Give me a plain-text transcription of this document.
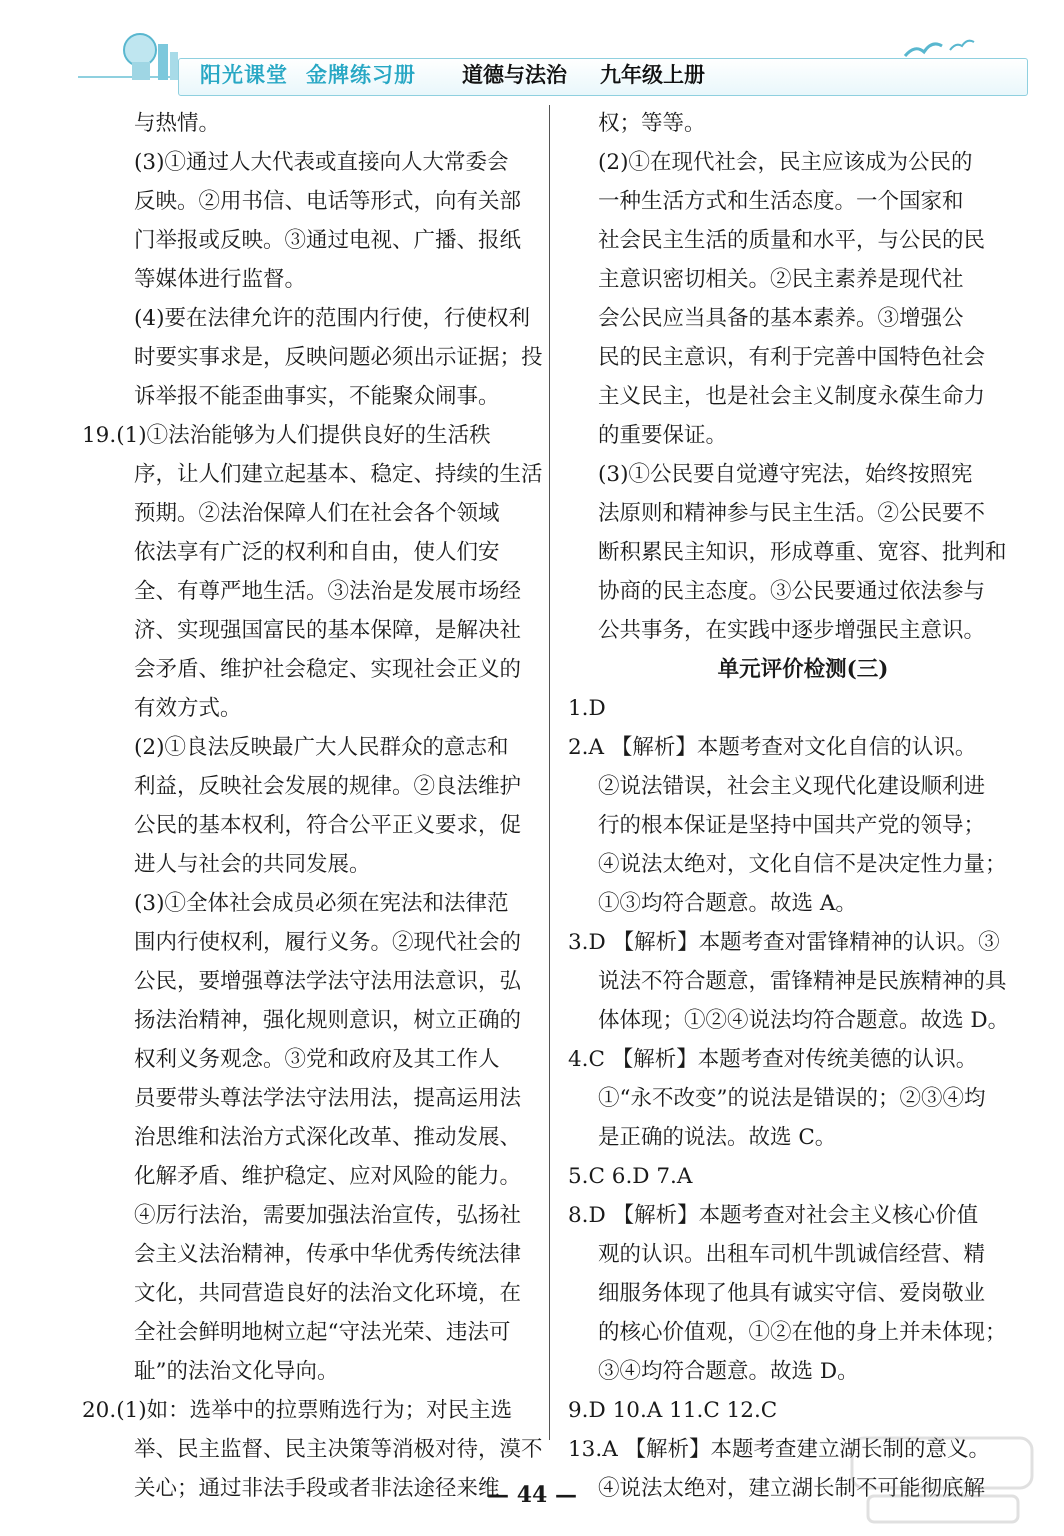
阳光课堂 金牌练习册	道德与法治 九年级上册
与热情。
(3)①通过人大代表或直接向人大常委会
反映。②用书信、电话等形式，向有关部
门举报或反映。③通过电视、广播、报纸
等媒体进行监督。
(4)要在法律允许的范围内行使，行使权利
时要实事求是，反映问题必须出示证据；投
诉举报不能歪曲事实，不能聚众闹事。
19.(1)①法治能够为人们提供良好的生活秩
序，让人们建立起基本、稳定、持续的生活
预期。②法治保障人们在社会各个领域
依法享有广泛的权利和自由，使人们安
全、有尊严地生活。③法治是发展市场经
济、实现强国富民的基本保障，是解决社
会矛盾、维护社会稳定、实现社会正义的
有效方式。
(2)①良法反映最广大人民群众的意志和
利益，反映社会发展的规律。②良法维护
公民的基本权利，符合公平正义要求，促
进人与社会的共同发展。
(3)①全体社会成员必须在宪法和法律范
围内行使权利，履行义务。②现代社会的
公民，要增强尊法学法守法用法意识，弘
扬法治精神，强化规则意识，树立正确的
权利义务观念。③党和政府及其工作人
员要带头尊法学法守法用法，提高运用法
治思维和法治方式深化改革、推动发展、
化解矛盾、维护稳定、应对风险的能力。
④厉行法治，需要加强法治宣传，弘扬社
会主义法治精神，传承中华优秀传统法律
文化，共同营造良好的法治文化环境，在
全社会鲜明地树立起“守法光荣、违法可
耻”的法治文化导向。
20.(1)如：选举中的拉票贿选行为；对民主选
举、民主监督、民主决策等消极对待，漠不
关心；通过非法手段或者非法途径来维
权；等等。
(2)①在现代社会，民主应该成为公民的
一种生活方式和生活态度。一个国家和
社会民主生活的质量和水平，与公民的民
主意识密切相关。②民主素养是现代社
会公民应当具备的基本素养。③增强公
民的民主意识，有利于完善中国特色社会
主义民主，也是社会主义制度永葆生命力
的重要保证。
(3)①公民要自觉遵守宪法，始终按照宪
法原则和精神参与民主生活。②公民要不
断积累民主知识，形成尊重、宽容、批判和
协商的民主态度。③公民要通过依法参与
公共事务，在实践中逐步增强民主意识。
单元评价检测(三)
1.D
2.A 【解析】本题考查对文化自信的认识。
②说法错误，社会主义现代化建设顺利进
行的根本保证是坚持中国共产党的领导；
④说法太绝对，文化自信不是决定性力量；
①③均符合题意。故选 A。
3.D 【解析】本题考查对雷锋精神的认识。③
说法不符合题意，雷锋精神是民族精神的具
体体现；①②④说法均符合题意。故选 D。
4.C 【解析】本题考查对传统美德的认识。
①“永不改变”的说法是错误的；②③④均
是正确的说法。故选 C。
5.C 6.D 7.A
8.D 【解析】本题考查对社会主义核心价值
观的认识。出租车司机牛凯诚信经营、精
细服务体现了他具有诚实守信、爱岗敬业
的核心价值观，①②在他的身上并未体现；
③④均符合题意。故选 D。
9.D 10.A 11.C 12.C
13.A 【解析】本题考查建立湖长制的意义。
④说法太绝对，建立湖长制不可能彻底解
— 44 —
